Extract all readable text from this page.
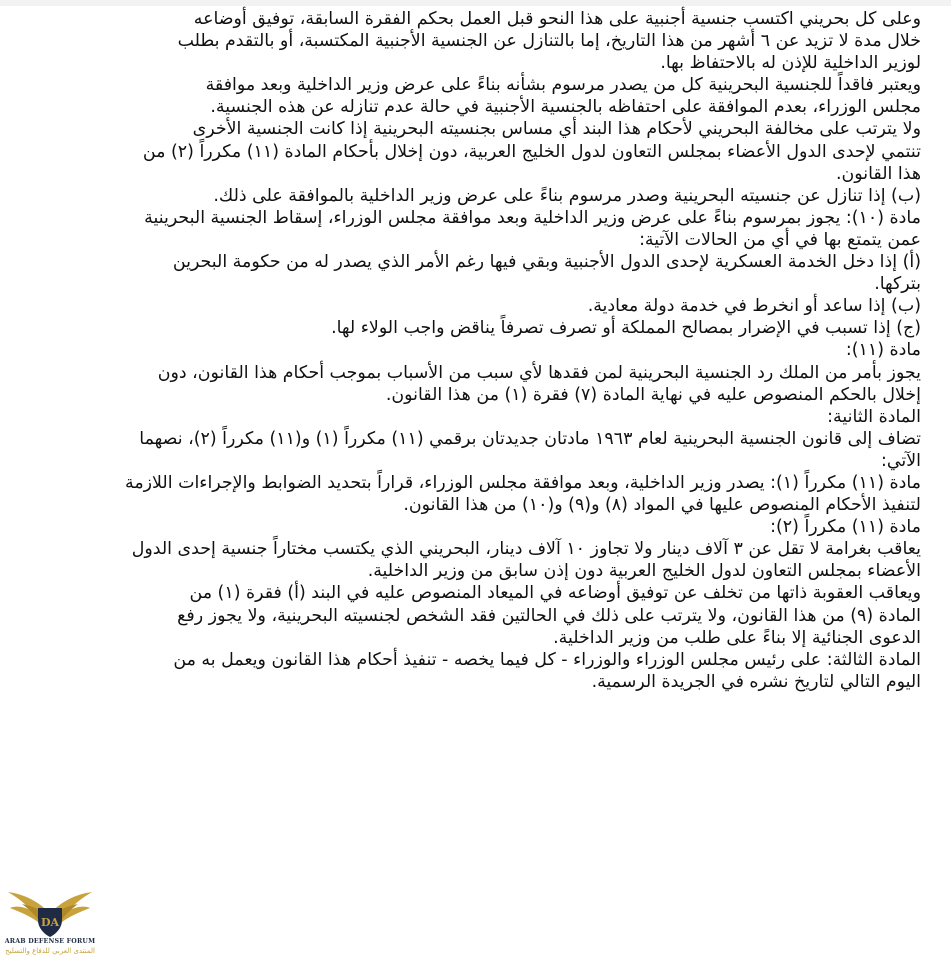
وعلى كل بحريني اكتسب جنسية أجنبية على هذا النحو قبل العمل بحكم الفقرة السابقة، توفيق أوضاعه
خلال مدة لا تزيد عن ٦ أشهر من هذا التاريخ، إما بالتنازل عن الجنسية الأجنبية المكتسبة، أو بالتقدم بطلب
لوزير الداخلية للإذن له بالاحتفاظ بها.
ويعتبر فاقداً للجنسية البحرينية كل من يصدر مرسوم بشأنه بناءً على عرض وزير الداخلية وبعد موافقة
مجلس الوزراء، بعدم الموافقة على احتفاظه بالجنسية الأجنبية في حالة عدم تنازله عن هذه الجنسية.
ولا يترتب على مخالفة البحريني لأحكام هذا البند أي مساس بجنسيته البحرينية إذا كانت الجنسية الأخرى
تنتمي لإحدى الدول الأعضاء بمجلس التعاون لدول الخليج العربية، دون إخلال بأحكام المادة (١١) مكرراً (٢) من
هذا القانون.
(ب) إذا تنازل عن جنسيته البحرينية وصدر مرسوم بناءً على عرض وزير الداخلية بالموافقة على ذلك.
مادة (١٠): يجوز بمرسوم بناءً على عرض وزير الداخلية وبعد موافقة مجلس الوزراء، إسقاط الجنسية البحرينية
عمن يتمتع بها في أي من الحالات الآتية:
(أ) إذا دخل الخدمة العسكرية لإحدى الدول الأجنبية وبقي فيها رغم الأمر الذي يصدر له من حكومة البحرين
بتركها.
(ب) إذا ساعد أو انخرط في خدمة دولة معادية.
(ج) إذا تسبب في الإضرار بمصالح المملكة أو تصرف تصرفاً يناقض واجب الولاء لها.
مادة (١١):
يجوز بأمر من الملك رد الجنسية البحرينية لمن فقدها لأي سبب من الأسباب بموجب أحكام هذا القانون، دون
إخلال بالحكم المنصوص عليه في نهاية المادة (٧) فقرة (١) من هذا القانون.
المادة الثانية:
تضاف إلى قانون الجنسية البحرينية لعام ١٩٦٣ مادتان جديدتان برقمي (١١) مكرراً (١) و(١١) مكرراً (٢)، نصهما
الآتي:
مادة (١١) مكرراً (١): يصدر وزير الداخلية، وبعد موافقة مجلس الوزراء، قراراً بتحديد الضوابط والإجراءات اللازمة
لتنفيذ الأحكام المنصوص عليها في المواد (٨) و(٩) و(١٠) من هذا القانون.
مادة (١١) مكرراً (٢):
يعاقب بغرامة لا تقل عن ٣ آلاف دينار ولا تجاوز ١٠ آلاف دينار، البحريني الذي يكتسب مختاراً جنسية إحدى الدول
الأعضاء بمجلس التعاون لدول الخليج العربية دون إذن سابق من وزير الداخلية.
ويعاقب العقوبة ذاتها من تخلف عن توفيق أوضاعه في الميعاد المنصوص عليه في البند (أ) فقرة (١) من
المادة (٩) من هذا القانون، ولا يترتب على ذلك في الحالتين فقد الشخص لجنسيته البحرينية، ولا يجوز رفع
الدعوى الجنائية إلا بناءً على طلب من وزير الداخلية.
المادة الثالثة: على رئيس مجلس الوزراء والوزراء - كل فيما يخصه - تنفيذ أحكام هذا القانون ويعمل به من
اليوم التالي لتاريخ نشره في الجريدة الرسمية.
DA
ARAB DEFENSE FORUM
المنتدى العربي للدفاع والتسليح
